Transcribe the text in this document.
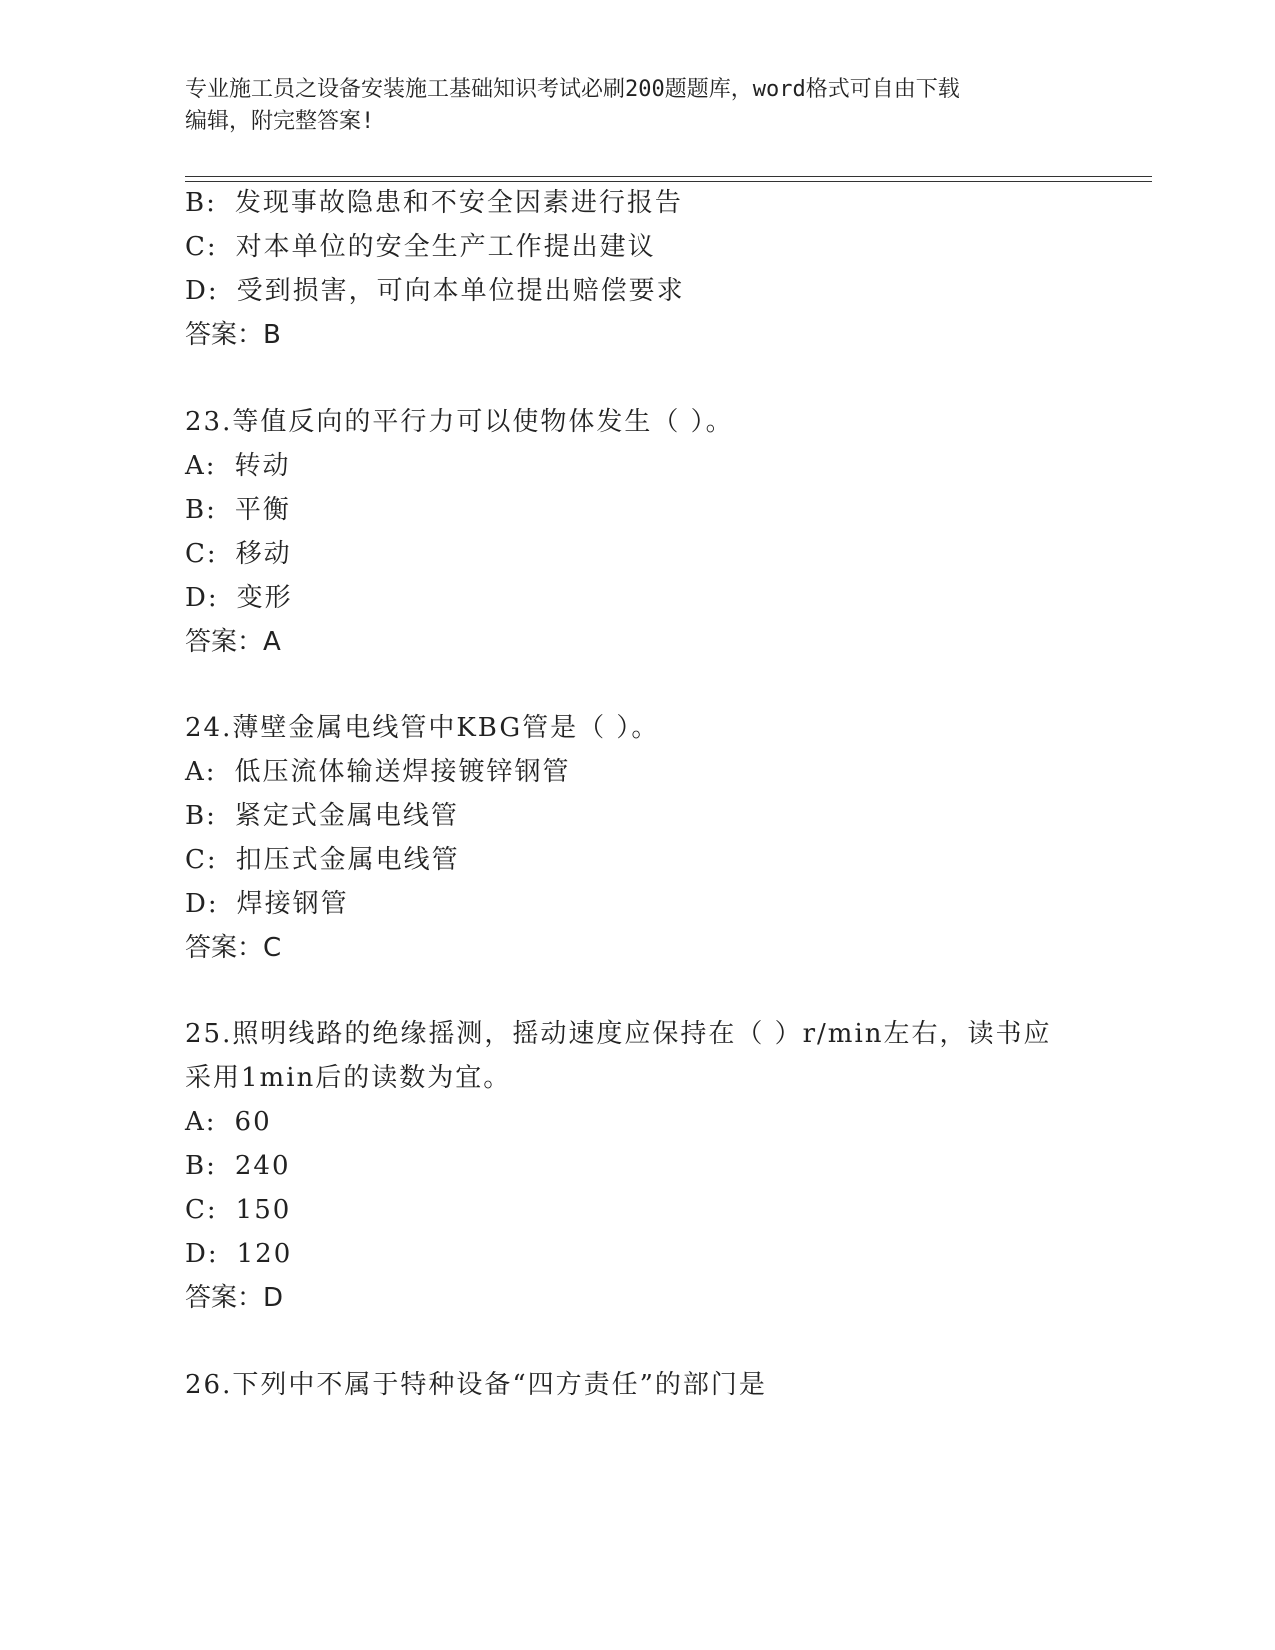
专业施工员之设备安装施工基础知识考试必刷200题题库，word格式可自由下载
编辑，附完整答案!
B: 发现事故隐患和不安全因素进行报告
C: 对本单位的安全生产工作提出建议
D: 受到损害，可向本单位提出赔偿要求
答案：B
23.等值反向的平行力可以使物体发生（ ）。
A: 转动
B: 平衡
C: 移动
D: 变形
答案：A
24.薄壁金属电线管中KBG管是（ ）。
A: 低压流体输送焊接镀锌钢管
B: 紧定式金属电线管
C: 扣压式金属电线管
D: 焊接钢管
答案：C
25.照明线路的绝缘摇测，摇动速度应保持在（ ）r/min左右，读书应
采用1min后的读数为宜。
A: 60
B: 240
C: 150
D: 120
答案：D
26.下列中不属于特种设备“四方责任”的部门是
